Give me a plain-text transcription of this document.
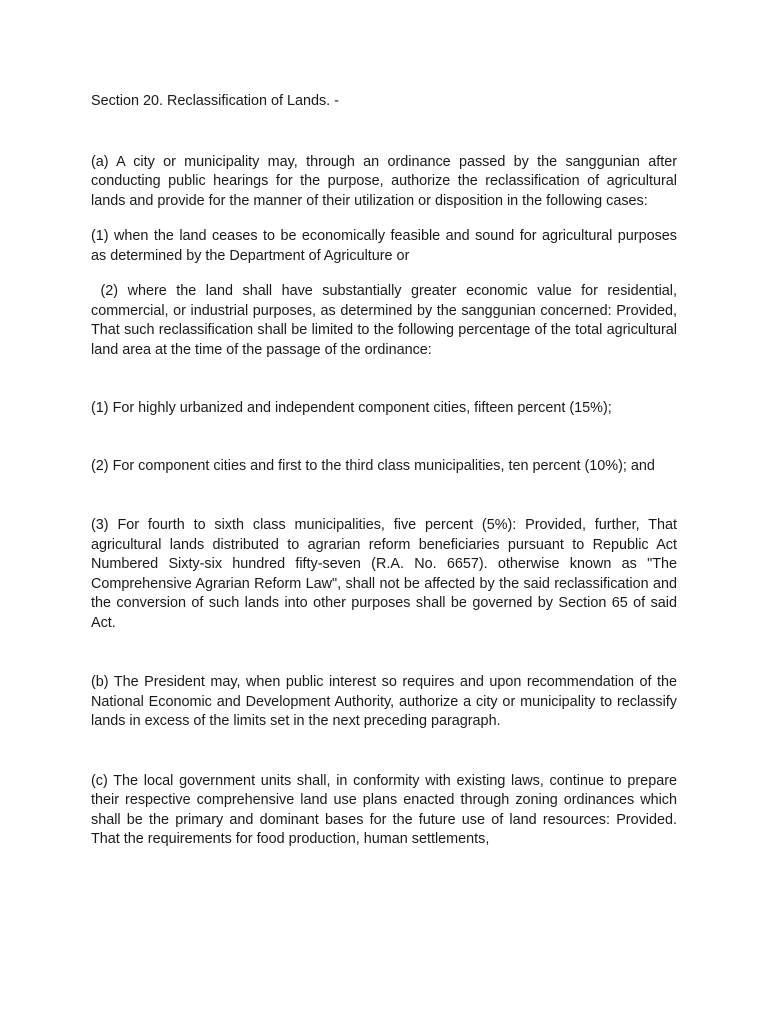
Section 20. Reclassification of Lands. -

(a) A city or municipality may, through an ordinance passed by the sanggunian after conducting public hearings for the purpose, authorize the reclassification of agricultural lands and provide for the manner of their utilization or disposition in the following cases:

(1) when the land ceases to be economically feasible and sound for agricultural purposes as determined by the Department of Agriculture or

(2) where the land shall have substantially greater economic value for residential, commercial, or industrial purposes, as determined by the sanggunian concerned: Provided, That such reclassification shall be limited to the following percentage of the total agricultural land area at the time of the passage of the ordinance:

(1) For highly urbanized and independent component cities, fifteen percent (15%);

(2) For component cities and first to the third class municipalities, ten percent (10%); and

(3) For fourth to sixth class municipalities, five percent (5%): Provided, further, That agricultural lands distributed to agrarian reform beneficiaries pursuant to Republic Act Numbered Sixty-six hundred fifty-seven (R.A. No. 6657). otherwise known as "The Comprehensive Agrarian Reform Law", shall not be affected by the said reclassification and the conversion of such lands into other purposes shall be governed by Section 65 of said Act.

(b) The President may, when public interest so requires and upon recommendation of the National Economic and Development Authority, authorize a city or municipality to reclassify lands in excess of the limits set in the next preceding paragraph.

(c) The local government units shall, in conformity with existing laws, continue to prepare their respective comprehensive land use plans enacted through zoning ordinances which shall be the primary and dominant bases for the future use of land resources: Provided. That the requirements for food production, human settlements,
